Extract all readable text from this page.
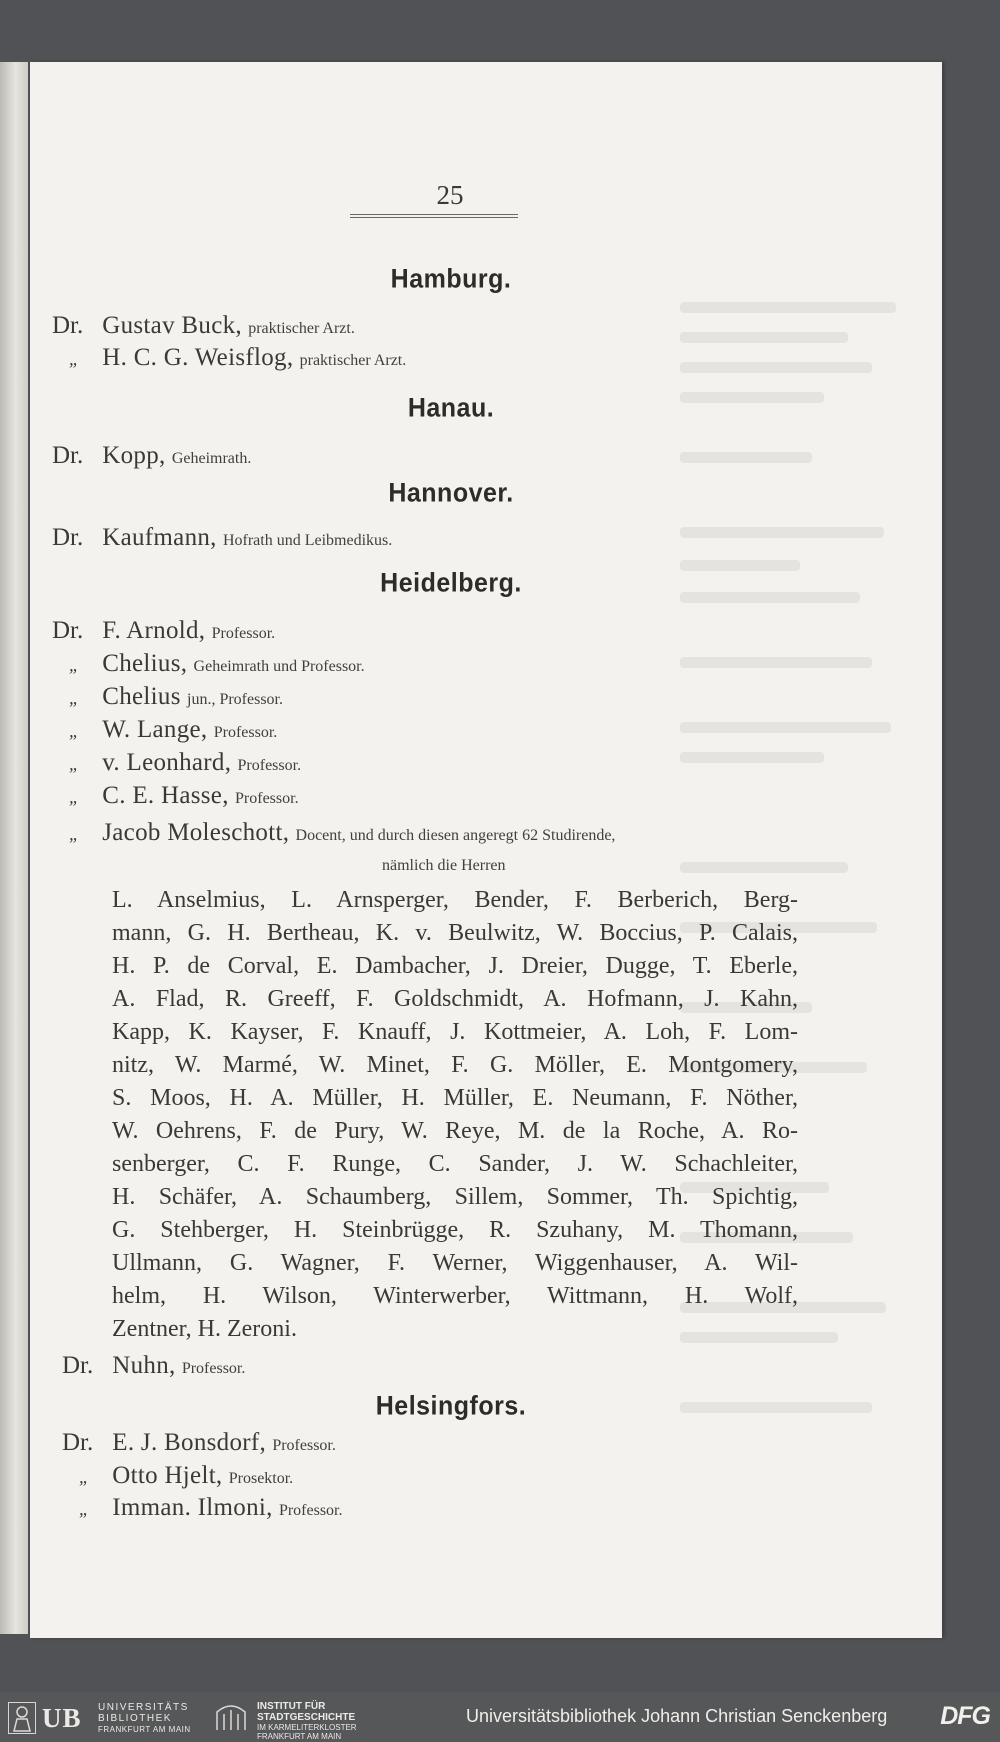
25
Hamburg.
Dr. Gustav Buck, praktischer Arzt.
„ H. C. G. Weisflog, praktischer Arzt.
Hanau.
Dr. Kopp, Geheimrath.
Hannover.
Dr. Kaufmann, Hofrath und Leibmedikus.
Heidelberg.
Dr. F. Arnold, Professor.
„ Chelius, Geheimrath und Professor.
„ Chelius jun., Professor.
„ W. Lange, Professor.
„ v. Leonhard, Professor.
„ C. E. Hasse, Professor.
„ Jacob Moleschott, Docent, und durch diesen angeregt 62 Studirende,
nämlich die Herren
L. Anselmius, L. Arnsperger, Bender, F. Berberich, Berg-
mann, G. H. Bertheau, K. v. Beulwitz, W. Boccius, P. Calais,
H. P. de Corval, E. Dambacher, J. Dreier, Dugge, T. Eberle,
A. Flad, R. Greeff, F. Goldschmidt, A. Hofmann, J. Kahn,
Kapp, K. Kayser, F. Knauff, J. Kottmeier, A. Loh, F. Lom-
nitz, W. Marmé, W. Minet, F. G. Möller, E. Montgomery,
S. Moos, H. A. Müller, H. Müller, E. Neumann, F. Nöther,
W. Oehrens, F. de Pury, W. Reye, M. de la Roche, A. Ro-
senberger, C. F. Runge, C. Sander, J. W. Schachleiter,
H. Schäfer, A. Schaumberg, Sillem, Sommer, Th. Spichtig,
G. Stehberger, H. Steinbrügge, R. Szuhany, M. Thomann,
Ullmann, G. Wagner, F. Werner, Wiggenhauser, A. Wil-
helm, H. Wilson, Winterwerber, Wittmann, H. Wolf,
Zentner, H. Zeroni.
Dr. Nuhn, Professor.
Helsingfors.
Dr. E. J. Bonsdorf, Professor.
„ Otto Hjelt, Prosektor.
„ Imman. Ilmoni, Professor.
UB UNIVERSITÄTS
BIBLIOTHEK
FRANKFURT AM MAIN
INSTITUT FÜR
STADTGESCHICHTE
IM KARMELITERKLOSTER
FRANKFURT AM MAIN
Universitätsbibliothek Johann Christian Senckenberg DFG
